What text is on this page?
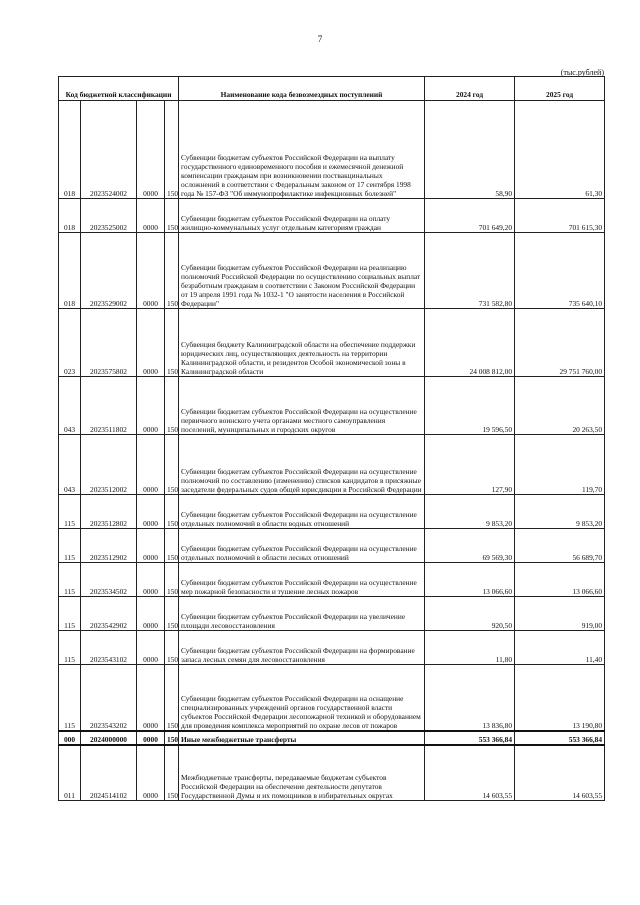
7
(тыс.рублей)
Код бюджетной классификации				Наименование кода безвозмездных поступлений	2024 год	2025 год
018	2023524002	0000	150	Субвенции бюджетам субъектов Российской Федерации на выплату государственного единовременного пособия и ежемесячной денежной компенсации гражданам при возникновении поствакцинальных осложнений в соответствии с Федеральным законом от 17 сентября 1998 года № 157-ФЗ "Об иммунопрофилактике инфекционных болезней"	58,90	61,30
018	2023525002	0000	150	Субвенции бюджетам субъектов Российской Федерации на оплату жилищно-коммунальных услуг отдельным категориям граждан	701 649,20	701 615,30
018	2023529002	0000	150	Субвенции бюджетам субъектов Российской Федерации на реализацию полномочий Российской Федерации по осуществлению социальных выплат безработным гражданам в соответствии с Законом Российской Федерации от 19 апреля 1991 года № 1032-1 "О занятости населения в Российской Федерации"	731 582,80	735 640,10
023	2023575802	0000	150	Субвенция бюджету Калининградской области на обеспечение поддержки юридических лиц, осуществляющих деятельность на территории Калининградской области, и резидентов Особой экономической зоны в Калининградской области	24 008 812,00	29 751 760,00
043	2023511802	0000	150	Субвенции бюджетам субъектов Российской Федерации на осуществление первичного воинского учета органами местного самоуправления поселений, муниципальных и городских округов	19 596,50	20 263,50
043	2023512002	0000	150	Субвенции бюджетам субъектов Российской Федерации на осуществление полномочий по составлению (изменению) списков кандидатов в присяжные заседатели федеральных судов общей юрисдикции в Российской Федерации	127,90	119,70
115	2023512802	0000	150	Субвенции бюджетам субъектов Российской Федерации на осуществление отдельных полномочий в области водных отношений	9 853,20	9 853,20
115	2023512902	0000	150	Субвенции бюджетам субъектов Российской Федерации на осуществление отдельных полномочий в области лесных отношений	69 569,30	56 689,70
115	2023534502	0000	150	Субвенции бюджетам субъектов Российской Федерации на осуществление мер пожарной безопасности и тушение лесных пожаров	13 066,60	13 066,60
115	2023542902	0000	150	Субвенции бюджетам субъектов Российской Федерации на увеличение площади лесовосстановления	920,50	919,00
115	2023543102	0000	150	Субвенции бюджетам субъектов Российской Федерации на формирование запаса лесных семян для лесовосстановления	11,80	11,40
115	2023543202	0000	150	Субвенции бюджетам субъектов Российской Федерации на оснащение специализированных учреждений органов государственной власти субъектов Российской Федерации лесопожарной техникой и оборудованием для проведения комплекса мероприятий по охране лесов от пожаров	13 836,80	13 190,80
000	2024000000	0000	150	Иные межбюджетные трансферты	553 366,84	553 366,84
011	2024514102	0000	150	Межбюджетные трансферты, передаваемые бюджетам субъектов Российской Федерации на обеспечение деятельности депутатов Государственной Думы и их помощников в избирательных округах	14 603,55	14 603,55
